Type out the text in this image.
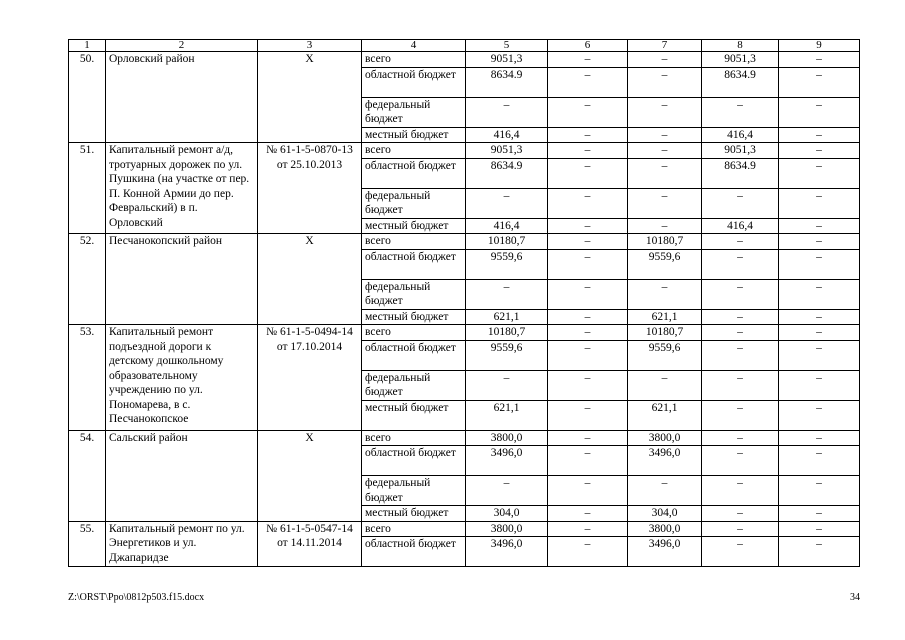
1	2	3	4	5	6	7	8	9
50.	Орловский район	Х	всего	9051,3	–	–	9051,3	–
			областной бюджет	8634.9	–	–	8634.9	–
			федеральный бюджет	–	–	–	–	–
			местный бюджет	416,4	–	–	416,4	–
51.	Капитальный ремонт а/д, тротуарных дорожек по ул. Пушкина (на участке от пер. П. Конной Армии до пер. Февральский) в п. Орловский	№ 61-1-5-0870-13 от 25.10.2013	всего	9051,3	–	–	9051,3	–
			областной бюджет	8634.9	–	–	8634.9	–
			федеральный бюджет	–	–	–	–	–
			местный бюджет	416,4	–	–	416,4	–
52.	Песчанокопский район	Х	всего	10180,7	–	10180,7	–	–
			областной бюджет	9559,6	–	9559,6	–	–
			федеральный бюджет	–	–	–	–	–
			местный бюджет	621,1	–	621,1	–	–
53.	Капитальный ремонт подъездной дороги к детскому дошкольному образовательному учреждению по ул. Пономарева, в с. Песчанокопское	№ 61-1-5-0494-14 от 17.10.2014	всего	10180,7	–	10180,7	–	–
			областной бюджет	9559,6	–	9559,6	–	–
			федеральный бюджет	–	–	–	–	–
			местный бюджет	621,1	–	621,1	–	–
54.	Сальский район	Х	всего	3800,0	–	3800,0	–	–
			областной бюджет	3496,0	–	3496,0	–	–
			федеральный бюджет	–	–	–	–	–
			местный бюджет	304,0	–	304,0	–	–
55.	Капитальный ремонт по ул. Энергетиков и ул. Джапаридзе	№ 61-1-5-0547-14 от 14.11.2014	всего	3800,0	–	3800,0	–	–
			областной бюджет	3496,0	–	3496,0	–	–
Z:\ORST\Ppo\0812p503.f15.docx	34
